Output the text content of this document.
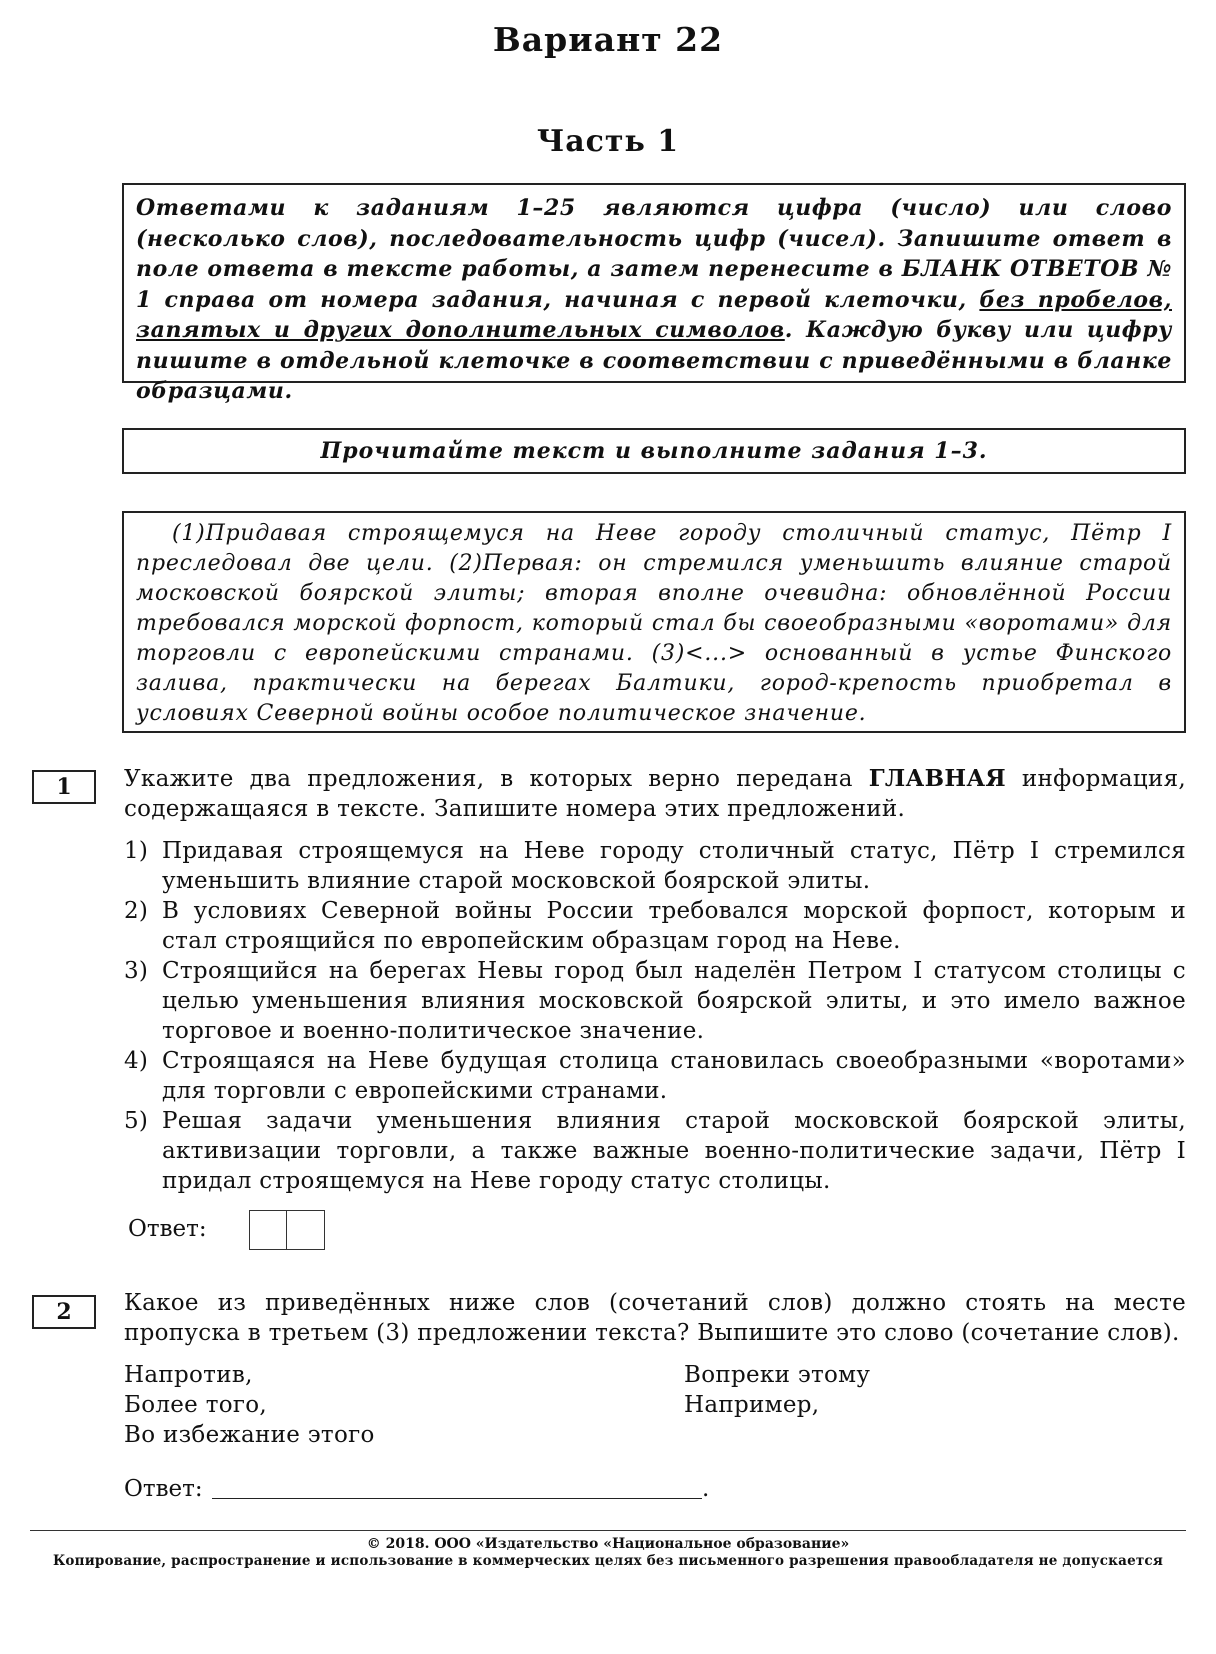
Вариант 22
Часть 1
Ответами к заданиям 1–25 являются цифра (число) или слово (несколько слов), последовательность цифр (чисел). Запишите ответ в поле ответа в тексте работы, а затем перенесите в БЛАНК ОТВЕТОВ № 1 справа от номера задания, начиная с первой клеточки, без пробелов, запятых и других дополнительных символов. Каждую букву или цифру пишите в отдельной клеточке в соответствии с приведёнными в бланке образцами.
Прочитайте текст и выполните задания 1–3.

(1)Придавая строящемуся на Неве городу столичный статус, Пётр I преследовал две цели. (2)Первая: он стремился уменьшить влияние старой московской боярской элиты; вторая вполне очевидна: обновлённой России требовался морской форпост, который стал бы своеобразными «воротами» для торговли с европейскими странами. (3)<...> основанный в устье Финского залива, практически на берегах Балтики, город-крепость приобретал в условиях Северной войны особое политическое значение.

1	Укажите два предложения, в которых верно передана ГЛАВНАЯ информация, содержащаяся в тексте. Запишите номера этих предложений.
1) Придавая строящемуся на Неве городу столичный статус, Пётр I стремился уменьшить влияние старой московской боярской элиты.
2) В условиях Северной войны России требовался морской форпост, которым и стал строящийся по европейским образцам город на Неве.
3) Строящийся на берегах Невы город был наделён Петром I статусом столицы с целью уменьшения влияния московской боярской элиты, и это имело важное торговое и военно-политическое значение.
4) Строящаяся на Неве будущая столица становилась своеобразными «воротами» для торговли с европейскими странами.
5) Решая задачи уменьшения влияния старой московской боярской элиты, активизации торговли, а также важные военно-политические задачи, Пётр I придал строящемуся на Неве городу статус столицы.
Ответ:
2	Какое из приведённых ниже слов (сочетаний слов) должно стоять на месте пропуска в третьем (3) предложении текста? Выпишите это слово (сочетание слов).
Напротив,
Более того,
Во избежание этого
Вопреки этому
Например,
Ответ:	.
© 2018. ООО «Издательство «Национальное образование»
Копирование, распространение и использование в коммерческих целях без письменного разрешения правообладателя не допускается
